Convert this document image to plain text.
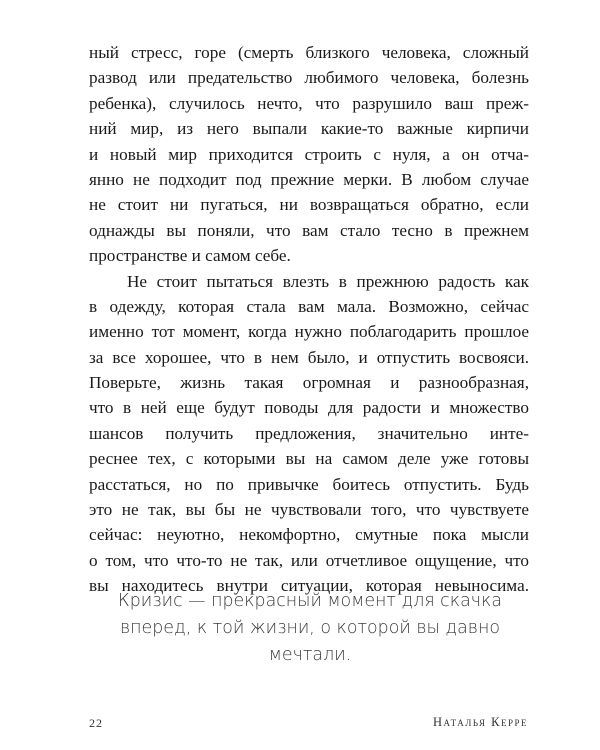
ный стресс, горе (смерть близкого человека, сложный
развод или предательство любимого человека, болезнь
ребенка), случилось нечто, что разрушило ваш преж-
ний мир, из него выпали какие-то важные кирпичи
и новый мир приходится строить с нуля, а он отча-
янно не подходит под прежние мерки. В любом случае
не стоит ни пугаться, ни возвращаться обратно, если
однажды вы поняли, что вам стало тесно в прежнем
пространстве и самом себе.
Не стоит пытаться влезть в прежнюю радость как
в одежду, которая стала вам мала. Возможно, сейчас
именно тот момент, когда нужно поблагодарить прошлое
за все хорошее, что в нем было, и отпустить восвояси.
Поверьте, жизнь такая огромная и разнообразная,
что в ней еще будут поводы для радости и множество
шансов получить предложения, значительно инте-
реснее тех, с которыми вы на самом деле уже готовы
расстаться, но по привычке боитесь отпустить. Будь
это не так, вы бы не чувствовали того, что чувствуете
сейчас: неуютно, некомфортно, смутные пока мысли
о том, что что-то не так, или отчетливое ощущение, что
вы находитесь внутри ситуации, которая невыносима.
Кризис — прекрасный момент для скачка
вперед, к той жизни, о которой вы давно
мечтали.
22	Наталья Керре
